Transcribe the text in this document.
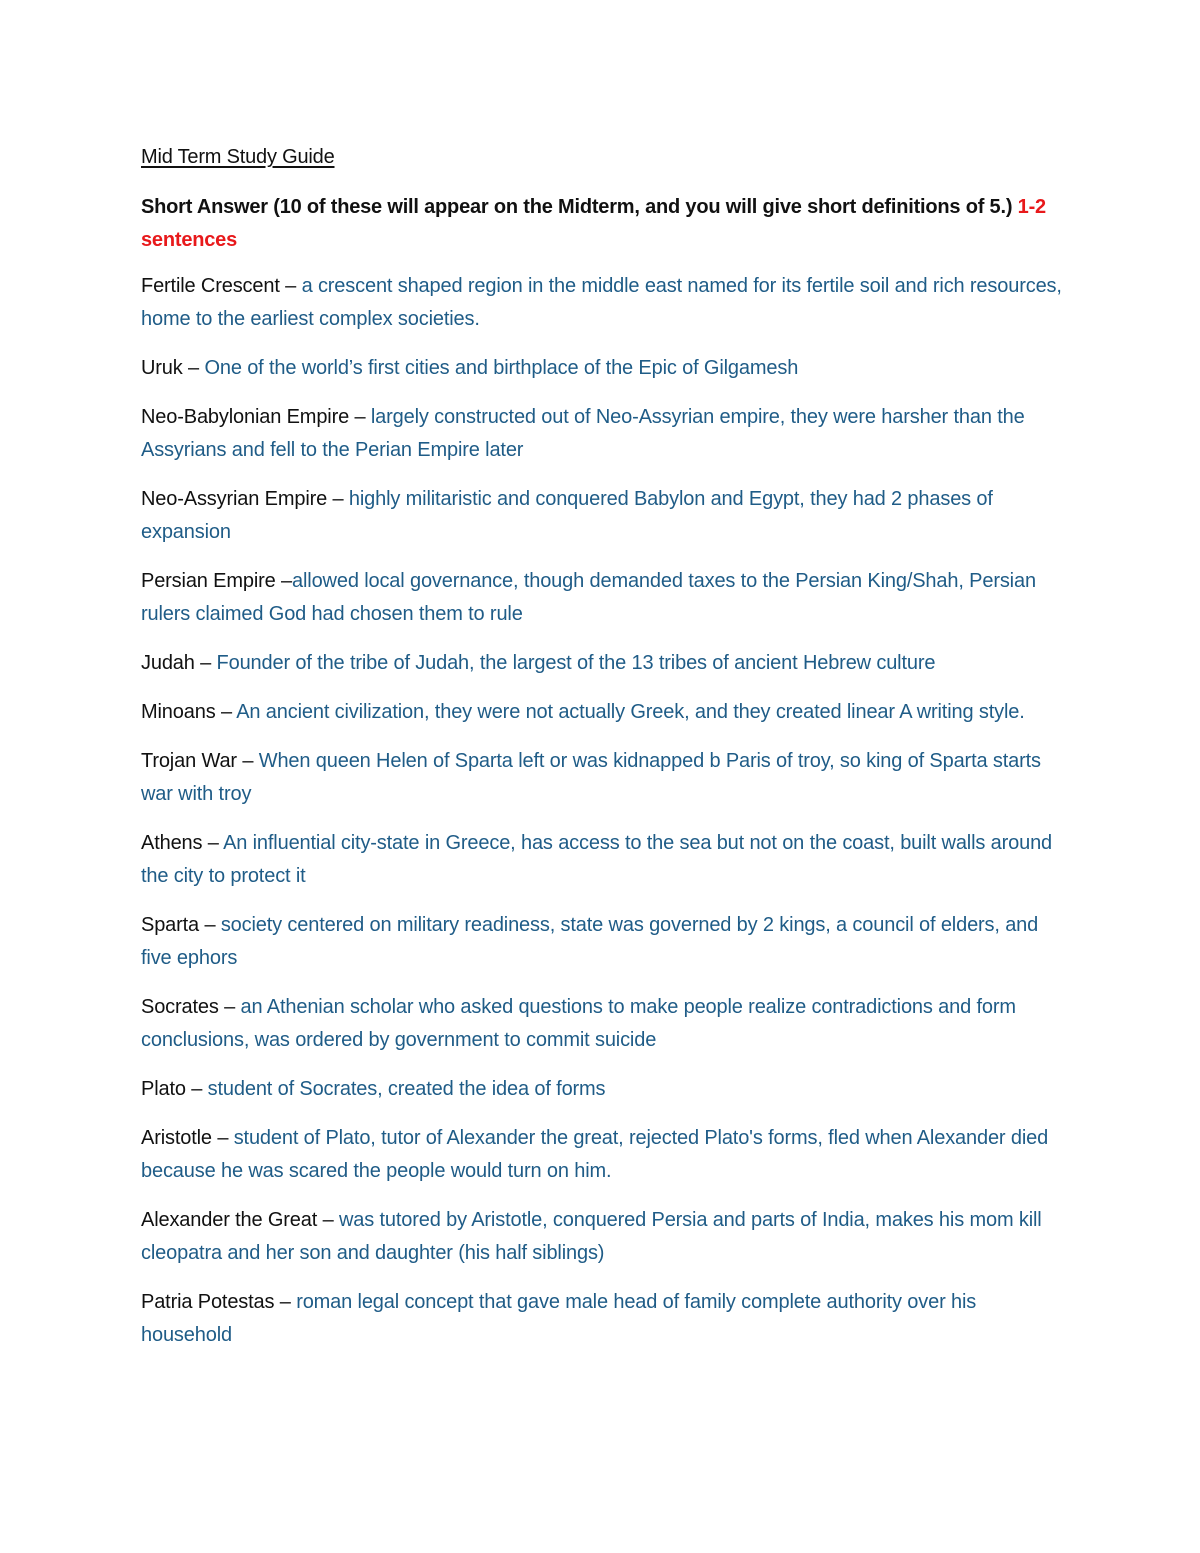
Mid Term Study Guide
Short Answer (10 of these will appear on the Midterm, and you will give short definitions of 5.) 1-2 sentences
Fertile Crescent – a crescent shaped region in the middle east named for its fertile soil and rich resources, home to the earliest complex societies.
Uruk – One of the world’s first cities and birthplace of the Epic of Gilgamesh
Neo-Babylonian Empire – largely constructed out of Neo-Assyrian empire, they were harsher than the Assyrians and fell to the Perian Empire later
Neo-Assyrian Empire – highly militaristic and conquered Babylon and Egypt, they had 2 phases of expansion
Persian Empire –allowed local governance, though demanded taxes to the Persian King/Shah, Persian rulers claimed God had chosen them to rule
Judah – Founder of the tribe of Judah, the largest of the 13 tribes of ancient Hebrew culture
Minoans – An ancient civilization, they were not actually Greek, and they created linear A writing style.
Trojan War – When queen Helen of Sparta left or was kidnapped b Paris of troy, so king of Sparta starts war with troy
Athens – An influential city-state in Greece, has access to the sea but not on the coast, built walls around the city to protect it
Sparta – society centered on military readiness, state was governed by 2 kings, a council of elders, and five ephors
Socrates – an Athenian scholar who asked questions to make people realize contradictions and form conclusions, was ordered by government to commit suicide
Plato – student of Socrates, created the idea of forms
Aristotle – student of Plato, tutor of Alexander the great, rejected Plato's forms, fled when Alexander died because he was scared the people would turn on him.
Alexander the Great – was tutored by Aristotle, conquered Persia and parts of India, makes his mom kill cleopatra and her son and daughter (his half siblings)
Patria Potestas – roman legal concept that gave male head of family complete authority over his household
